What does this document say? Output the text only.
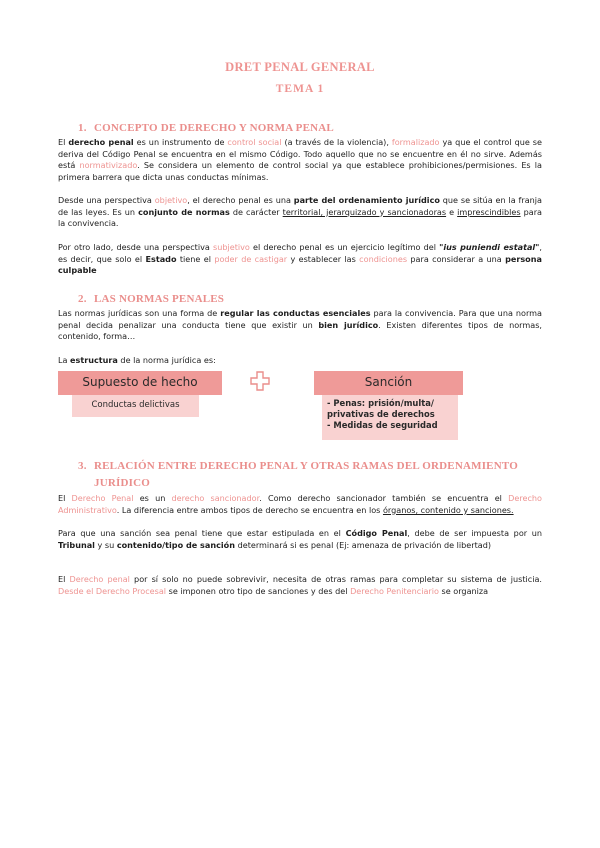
DRET PENAL GENERAL
TEMA 1
1. CONCEPTO DE DERECHO Y NORMA PENAL
El derecho penal es un instrumento de control social (a través de la violencia), formalizado ya que el control que se deriva del Código Penal se encuentra en el mismo Código. Todo aquello que no se encuentre en él no sirve. Además está normativizado. Se considera un elemento de control social ya que establece prohibiciones/permisiones. Es la primera barrera que dicta unas conductas mínimas.
Desde una perspectiva objetivo, el derecho penal es una parte del ordenamiento jurídico que se sitúa en la franja de las leyes. Es un conjunto de normas de carácter territorial, jerarquizado y sancionadoras e imprescindibles para la convivencia.
Por otro lado, desde una perspectiva subjetivo el derecho penal es un ejercicio legítimo del "ius puniendi estatal", es decir, que solo el Estado tiene el poder de castigar y establecer las condiciones para considerar a una persona culpable
2. LAS NORMAS PENALES
Las normas jurídicas son una forma de regular las conductas esenciales para la convivencia. Para que una norma penal decida penalizar una conducta tiene que existir un bien jurídico. Existen diferentes tipos de normas, contenido, forma…
La estructura de la norma jurídica es:
Supuesto de hecho
Conductas delictivas
Sanción
- Penas: prisión/multa/ privativas de derechos
- Medidas de seguridad
3. RELACIÓN ENTRE DERECHO PENAL Y OTRAS RAMAS DEL ORDENAMIENTO
JURÍDICO
El Derecho Penal es un derecho sancionador. Como derecho sancionador también se encuentra el Derecho Administrativo. La diferencia entre ambos tipos de derecho se encuentra en los órganos, contenido y sanciones.
Para que una sanción sea penal tiene que estar estipulada en el Código Penal, debe de ser impuesta por un Tribunal y su contenido/tipo de sanción determinará si es penal (Ej: amenaza de privación de libertad)
El Derecho penal por sí solo no puede sobrevivir, necesita de otras ramas para completar su sistema de justicia. Desde el Derecho Procesal se imponen otro tipo de sanciones y des del Derecho Penitenciario se organiza
